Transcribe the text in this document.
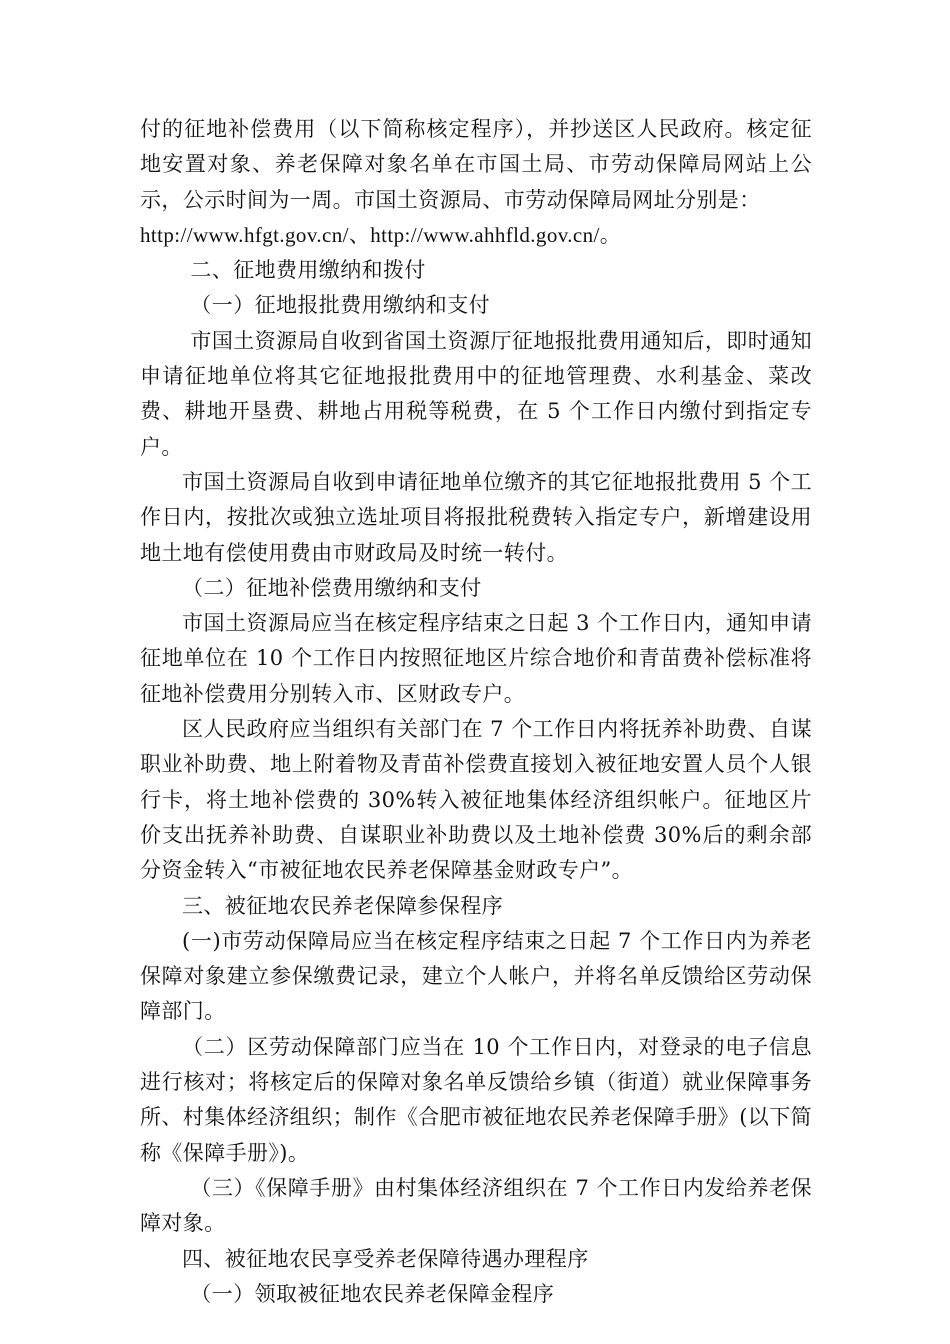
付的征地补偿费用（以下简称核定程序），并抄送区人民政府。核定征地安置对象、养老保障对象名单在市国土局、市劳动保障局网站上公示，公示时间为一周。市国土资源局、市劳动保障局网址分别是：

http://www.hfgt.gov.cn/、http://www.ahhfld.gov.cn/。

二、征地费用缴纳和拨付

（一）征地报批费用缴纳和支付

市国土资源局自收到省国土资源厅征地报批费用通知后，即时通知申请征地单位将其它征地报批费用中的征地管理费、水利基金、菜改费、耕地开垦费、耕地占用税等税费，在 5 个工作日内缴付到指定专户。

市国土资源局自收到申请征地单位缴齐的其它征地报批费用 5 个工作日内，按批次或独立选址项目将报批税费转入指定专户，新增建设用地土地有偿使用费由市财政局及时统一转付。

（二）征地补偿费用缴纳和支付

市国土资源局应当在核定程序结束之日起 3 个工作日内，通知申请征地单位在 10 个工作日内按照征地区片综合地价和青苗费补偿标准将征地补偿费用分别转入市、区财政专户。

区人民政府应当组织有关部门在 7 个工作日内将抚养补助费、自谋职业补助费、地上附着物及青苗补偿费直接划入被征地安置人员个人银行卡，将土地补偿费的 30%转入被征地集体经济组织帐户。征地区片价支出抚养补助费、自谋职业补助费以及土地补偿费 30%后的剩余部分资金转入“市被征地农民养老保障基金财政专户”。

三、被征地农民养老保障参保程序

(一)市劳动保障局应当在核定程序结束之日起 7 个工作日内为养老保障对象建立参保缴费记录，建立个人帐户，并将名单反馈给区劳动保障部门。

（二）区劳动保障部门应当在 10 个工作日内，对登录的电子信息进行核对；将核定后的保障对象名单反馈给乡镇（街道）就业保障事务所、村集体经济组织；制作《合肥市被征地农民养老保障手册》(以下简称《保障手册》)。

（三）《保障手册》由村集体经济组织在 7 个工作日内发给养老保障对象。

四、被征地农民享受养老保障待遇办理程序

（一）领取被征地农民养老保障金程序
